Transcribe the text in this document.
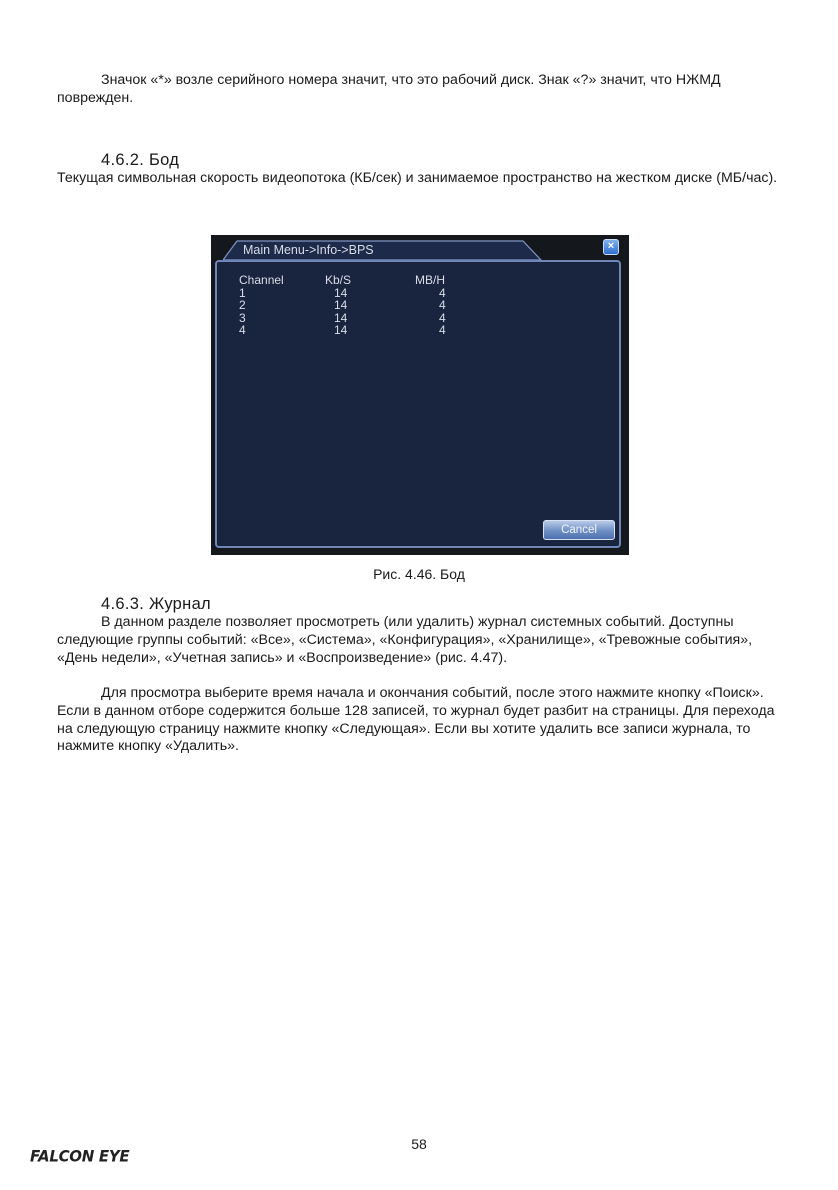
Значок «*» возле серийного номера значит, что это рабочий диск. Знак «?» значит, что НЖМД поврежден.

4.6.2. Бод

Текущая символьная скорость видеопотока (КБ/сек) и занимаемое пространство на жестком диске (МБ/час).

Main Menu->Info->BPS	×
Channel	Kb/S	MB/H
1	14	4
2	14	4
3	14	4
4	14	4
Cancel
Рис. 4.46. Бод

4.6.3. Журнал

В данном разделе позволяет просмотреть (или удалить) журнал системных событий. Доступны следующие группы событий: «Все», «Система», «Конфигурация», «Хранилище», «Тревожные события», «День недели», «Учетная запись» и «Воспроизведение» (рис. 4.47).

Для просмотра выберите время начала и окончания событий, после этого нажмите кнопку «Поиск». Если в данном отборе содержится больше 128 записей, то журнал будет разбит на страницы. Для перехода на следующую страницу нажмите кнопку «Следующая». Если вы хотите удалить все записи журнала, то нажмите кнопку «Удалить».

58
FALCON EYE
